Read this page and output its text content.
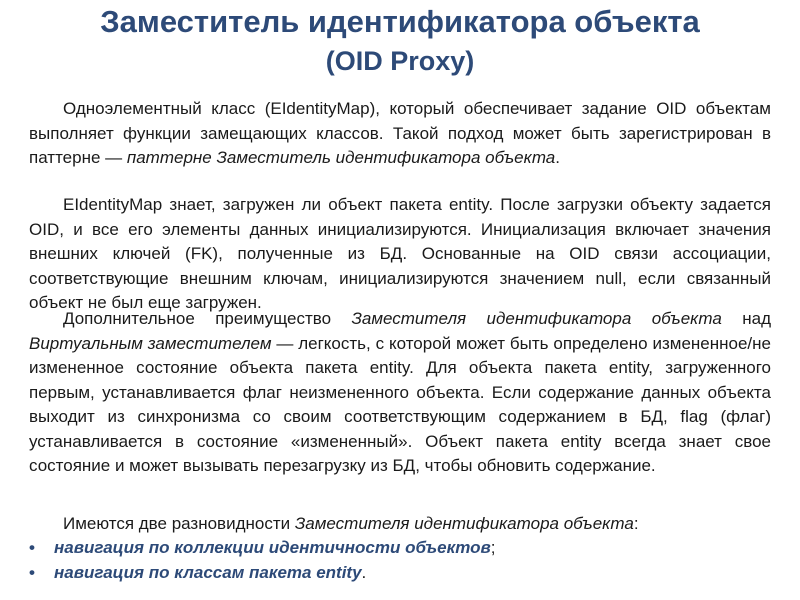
Заместитель идентификатора объекта
(OID Proxy)

Одноэлементный класс (EIdentityMap), который обеспечивает задание OID объектам выполняет функции замещающих классов. Такой подход может быть зарегистрирован в паттерне — паттерне Заместитель идентификатора объекта.

EIdentityMap знает, загружен ли объект пакета entity. После загрузки объекту задается OID, и все его элементы данных инициализируются. Инициализация включает значения внешних ключей (FK), полученные из БД. Основанные на OID связи ассоциации, соответствующие внешним ключам, инициализируются значением null, если связанный объект не был еще загружен.

Дополнительное преимущество Заместителя идентификатора объекта над Виртуальным заместителем — легкость, с которой может быть определено измененное/не измененное состояние объекта пакета entity. Для объекта пакета entity, загруженного первым, устанавливается флаг неизмененного объекта. Если содержание данных объекта выходит из синхронизма со своим соответствующим содержанием в БД, flag (флаг) устанавливается в состояние «измененный». Объект пакета entity всегда знает свое состояние и может вызывать перезагрузку из БД, чтобы обновить содержание.

Имеются две разновидности Заместителя идентификатора объекта:

• навигация по коллекции идентичности объектов;
• навигация по классам пакета entity.
